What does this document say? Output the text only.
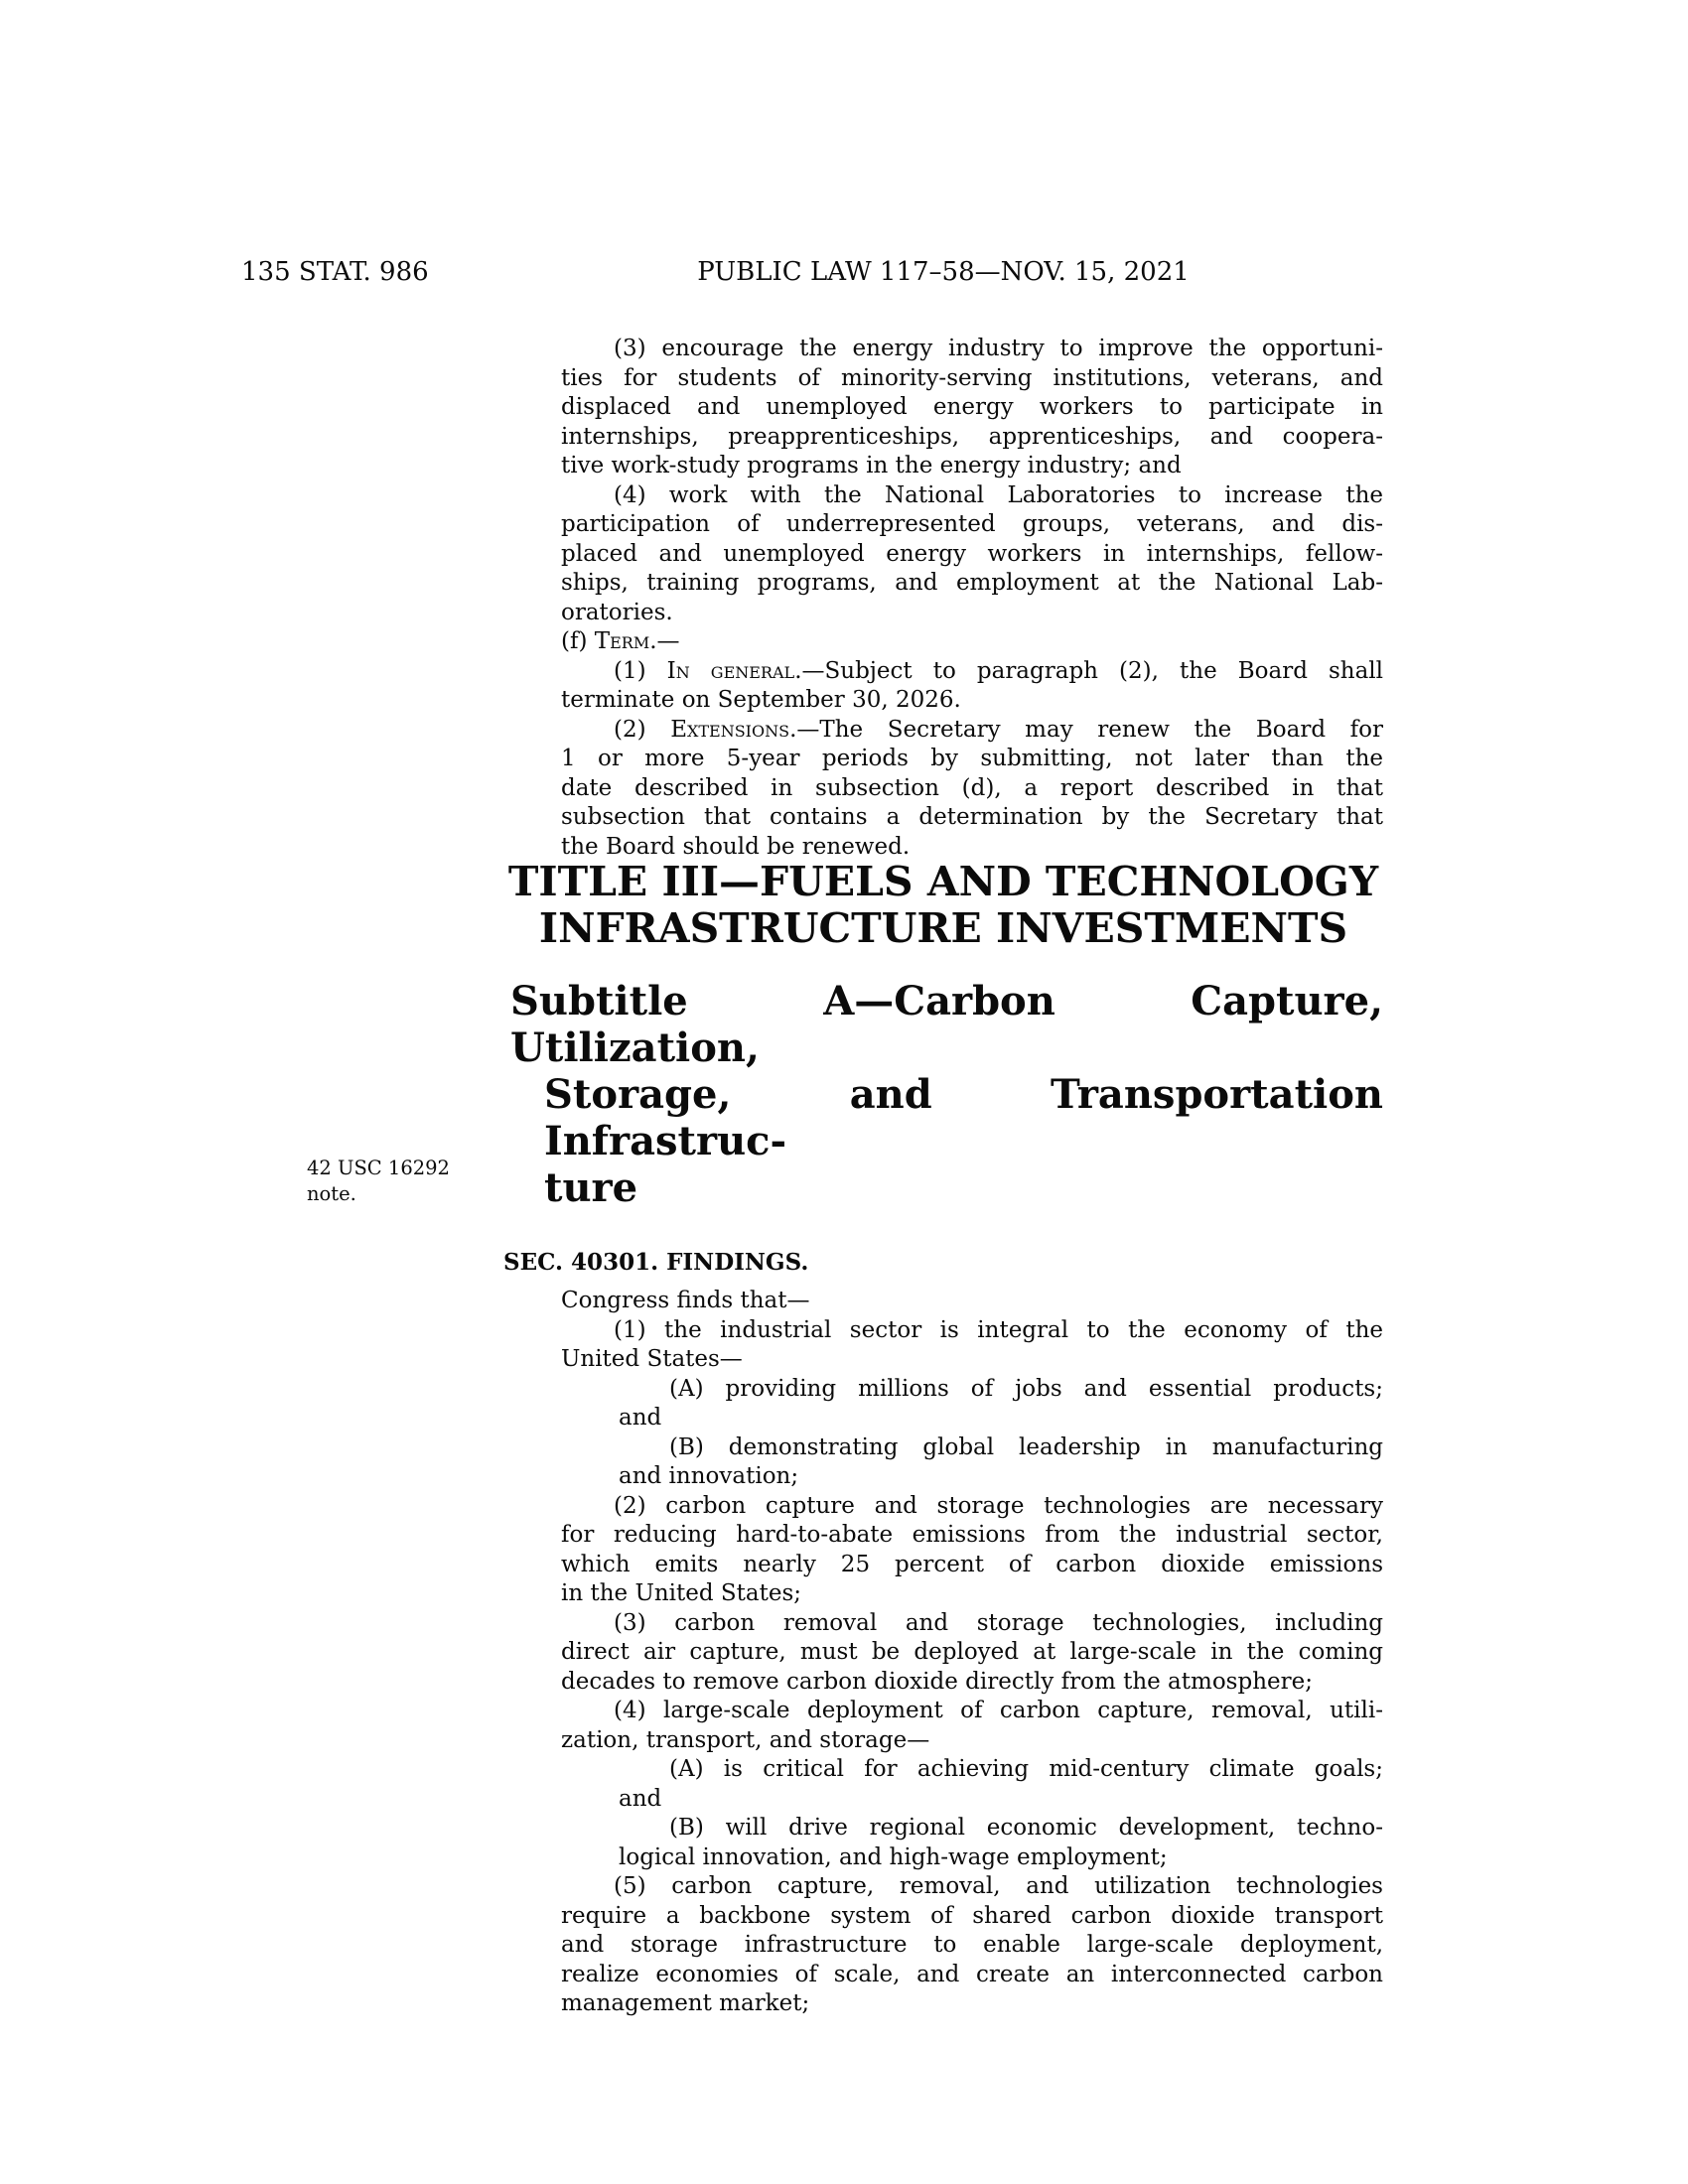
135 STAT. 986	PUBLIC LAW 117–58—NOV. 15, 2021
42 USC 16292
note.
(3) encourage the energy industry to improve the opportuni-
ties for students of minority-serving institutions, veterans, and
displaced and unemployed energy workers to participate in
internships, preapprenticeships, apprenticeships, and coopera-
tive work-study programs in the energy industry; and
(4) work with the National Laboratories to increase the
participation of underrepresented groups, veterans, and dis-
placed and unemployed energy workers in internships, fellow-
ships, training programs, and employment at the National Lab-
oratories.
(f) Term.—
(1) In general.—Subject to paragraph (2), the Board shall
terminate on September 30, 2026.
(2) Extensions.—The Secretary may renew the Board for
1 or more 5-year periods by submitting, not later than the
date described in subsection (d), a report described in that
subsection that contains a determination by the Secretary that
the Board should be renewed.
TITLE III—FUELS AND TECHNOLOGY
INFRASTRUCTURE INVESTMENTS
Subtitle A—Carbon Capture, Utilization,
Storage, and Transportation Infrastruc-
ture
SEC. 40301. FINDINGS.
Congress finds that—
(1) the industrial sector is integral to the economy of the
United States—
(A) providing millions of jobs and essential products;
and
(B) demonstrating global leadership in manufacturing
and innovation;
(2) carbon capture and storage technologies are necessary
for reducing hard-to-abate emissions from the industrial sector,
which emits nearly 25 percent of carbon dioxide emissions
in the United States;
(3) carbon removal and storage technologies, including
direct air capture, must be deployed at large-scale in the coming
decades to remove carbon dioxide directly from the atmosphere;
(4) large-scale deployment of carbon capture, removal, utili-
zation, transport, and storage—
(A) is critical for achieving mid-century climate goals;
and
(B) will drive regional economic development, techno-
logical innovation, and high-wage employment;
(5) carbon capture, removal, and utilization technologies
require a backbone system of shared carbon dioxide transport
and storage infrastructure to enable large-scale deployment,
realize economies of scale, and create an interconnected carbon
management market;
